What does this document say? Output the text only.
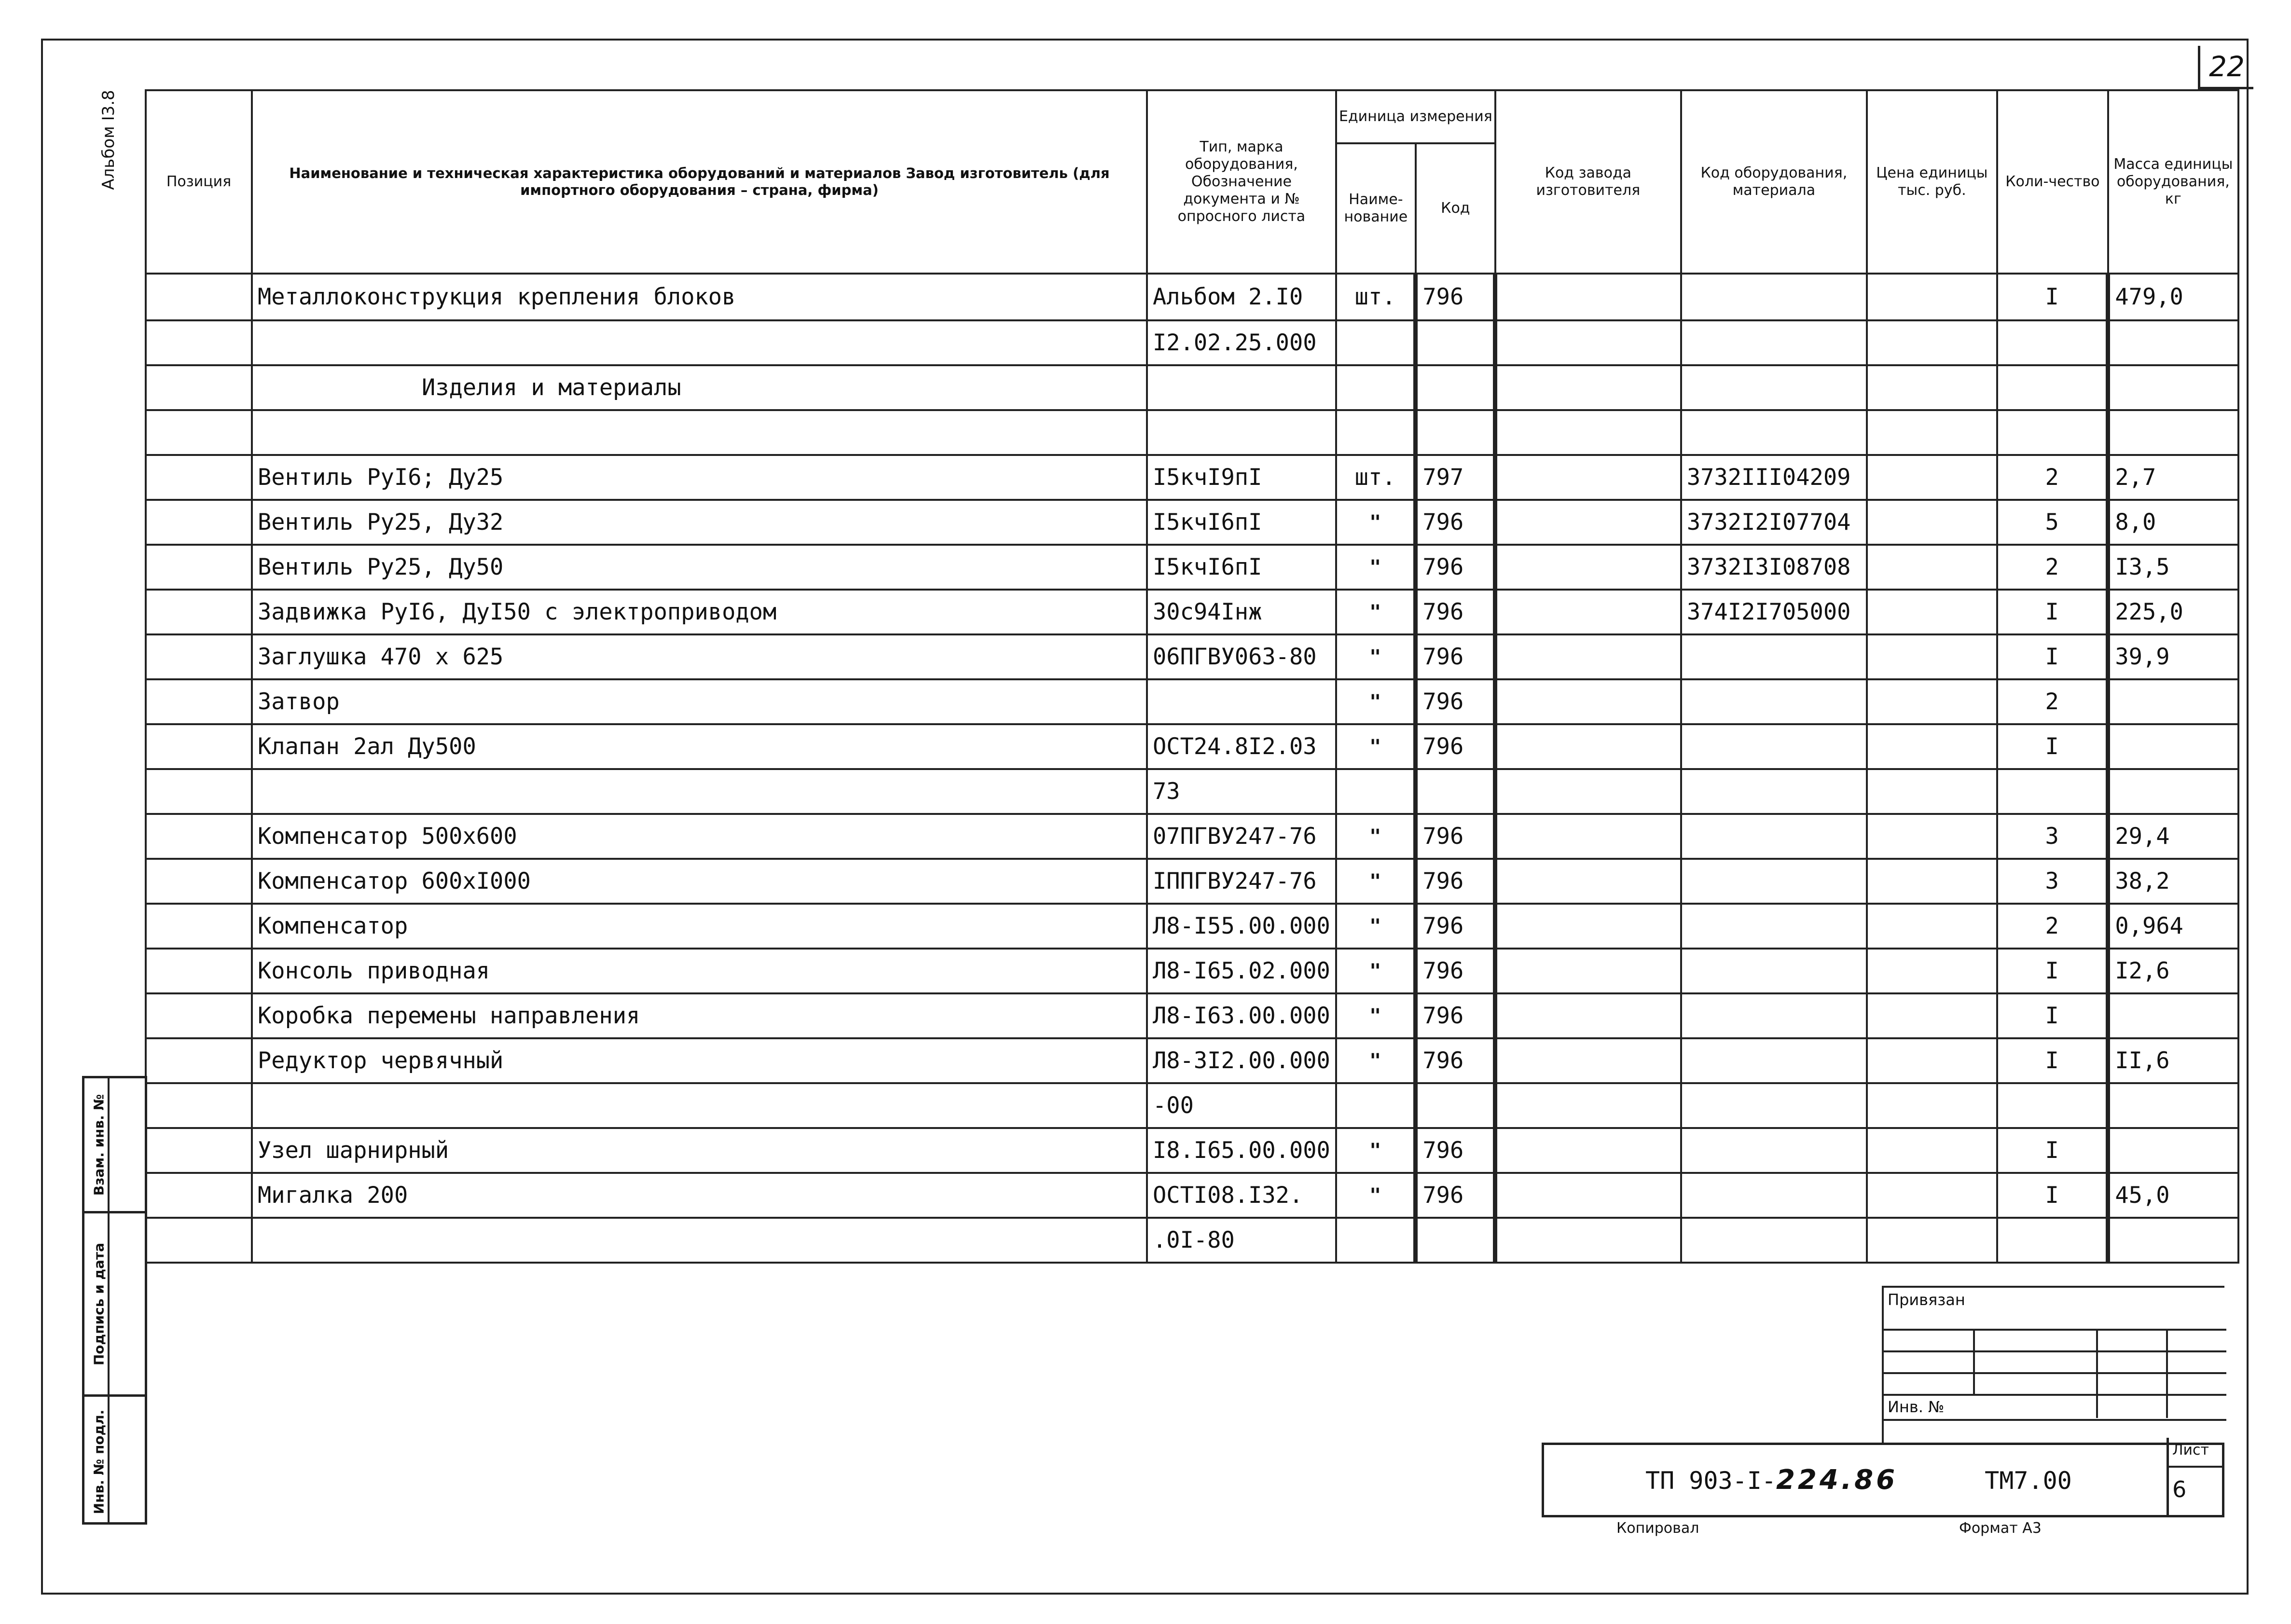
22
Альбом I3.8
Взам. инв. №
Подпись и дата
Инв. № подл.
Позиция	Наименование и техническая характеристика оборудований и материалов Завод изготовитель (для импортного оборудования – страна, фирма)	Тип, марка оборудования, Обозначение документа и № опросного листа	Единица измерения		Код завода изготовителя	Код оборудования, материала	Цена единицы тыс. руб.	Коли-чество	Масса единицы оборудования, кг
			Наиме-нование	Код					
	Металлоконструкция крепления блоков	Альбом 2.I0	шт.	796				I	479,0
		I2.02.25.000							
	Изделия и материалы								

	Вентиль РуI6; Ду25	I5кчI9пI	шт.	797		3732III04209		2	2,7
	Вентиль Ру25, Ду32	I5кчI6пI	"	796		3732I2I07704		5	8,0
	Вентиль Ру25, Ду50	I5кчI6пI	"	796		3732I3I08708		2	I3,5
	Задвижка РуI6, ДуI50 с электроприводом	30с94Iнж	"	796		374I2I705000		I	225,0
	Заглушка 470 х 625	06ПГВУ063-80	"	796				I	39,9
	Затвор		"	796				2	
	Клапан 2ал Ду500	ОСТ24.8I2.03	"	796				I	
		73							
	Компенсатор 500х600	07ПГВУ247-76	"	796				3	29,4
	Компенсатор 600хI000	IППГВУ247-76	"	796				3	38,2
	Компенсатор	Л8-I55.00.000	"	796				2	0,964
	Консоль приводная	Л8-I65.02.000	"	796				I	I2,6
	Коробка перемены направления	Л8-I63.00.000	"	796				I	
	Редуктор червячный	Л8-3I2.00.000	"	796				I	II,6
		-00							
	Узел шарнирный	I8.I65.00.000	"	796				I	
	Мигалка 200	ОСТI08.I32.	"	796				I	45,0
		.0I-80							
Привязан
Инв. №
ТП 903-I-224.86	ТМ7.00
Лист
6
Копировал	Формат А3
